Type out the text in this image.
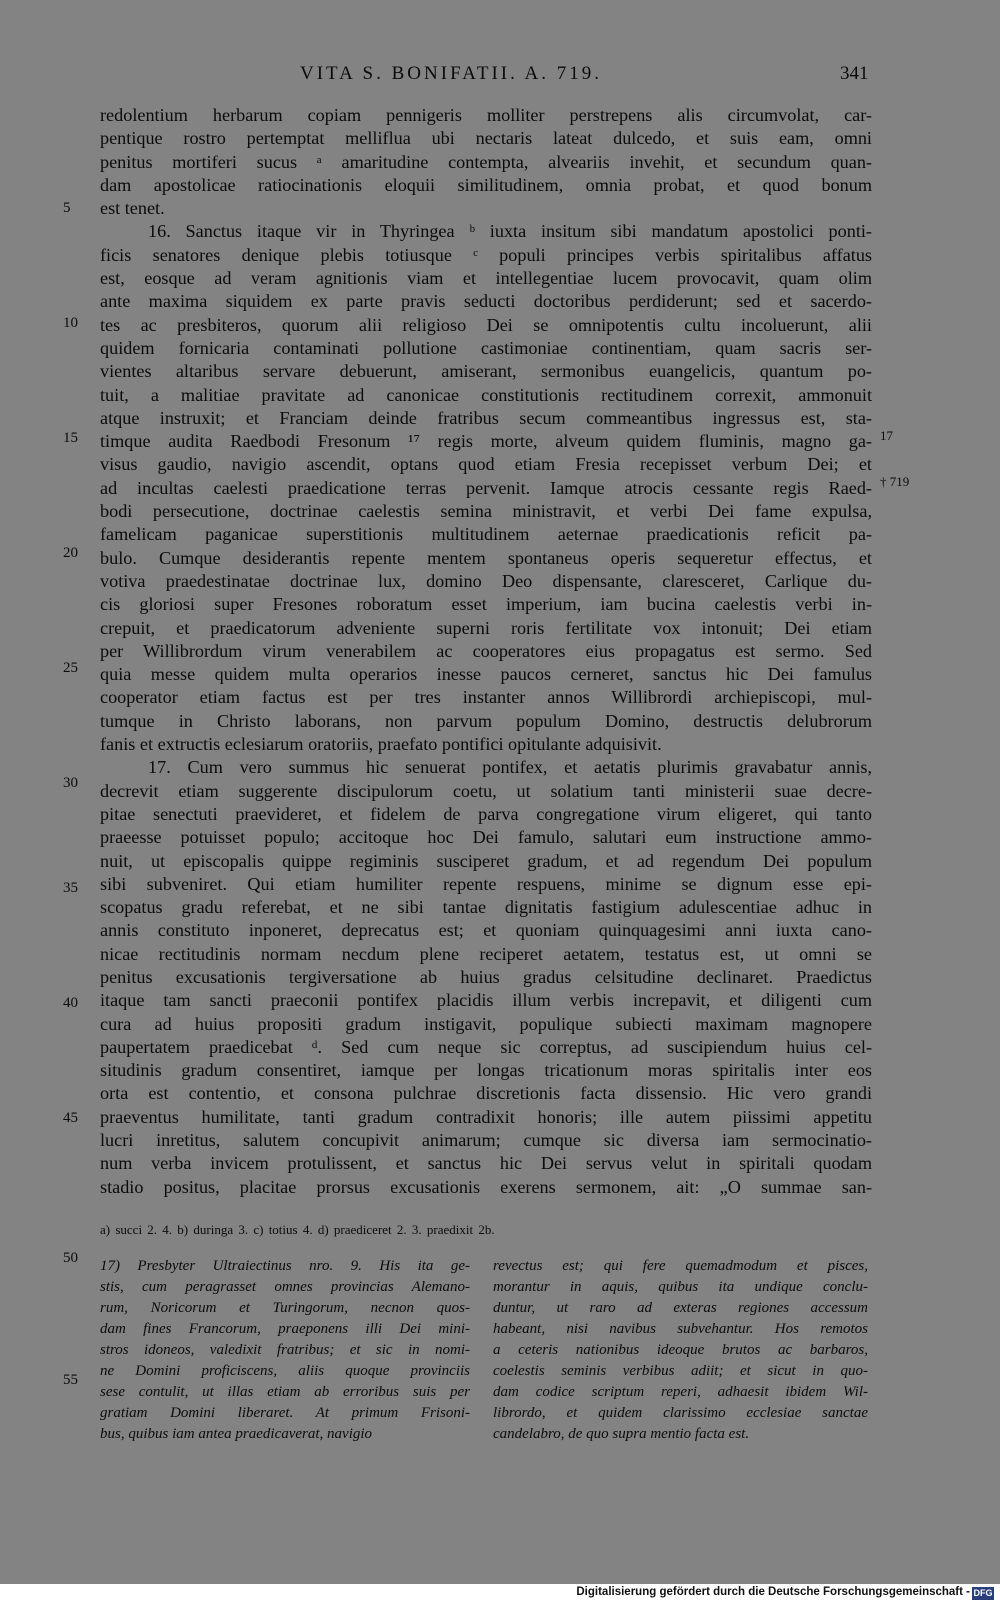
VITA S. BONIFATII. A. 719.	341
redolentium herbarum copiam pennigeris molliter perstrepens alis circumvolat, car-
pentique rostro pertemptat melliflua ubi nectaris lateat dulcedo, et suis eam, omni
penitus mortiferi sucus ᵃ amaritudine contempta, alveariis invehit, et secundum quan-
dam apostolicae ratiocinationis eloquii similitudinem, omnia probat, et quod bonum
est tenet.
16. Sanctus itaque vir in Thyringea ᵇ iuxta insitum sibi mandatum apostolici ponti-
ficis senatores denique plebis totiusque ᶜ populi principes verbis spiritalibus affatus
est, eosque ad veram agnitionis viam et intellegentiae lucem provocavit, quam olim
ante maxima siquidem ex parte pravis seducti doctoribus perdiderunt; sed et sacerdo-
tes ac presbiteros, quorum alii religioso Dei se omnipotentis cultu incoluerunt, alii
quidem fornicaria contaminati pollutione castimoniae continentiam, quam sacris ser-
vientes altaribus servare debuerunt, amiserant, sermonibus euangelicis, quantum po-
tuit, a malitiae pravitate ad canonicae constitutionis rectitudinem correxit, ammonuit
atque instruxit; et Franciam deinde fratribus secum commeantibus ingressus est, sta-
timque audita Raedbodi Fresonum ¹⁷ regis morte, alveum quidem fluminis, magno ga-
visus gaudio, navigio ascendit, optans quod etiam Fresia recepisset verbum Dei; et
ad incultas caelesti praedicatione terras pervenit. Iamque atrocis cessante regis Raed-
bodi persecutione, doctrinae caelestis semina ministravit, et verbi Dei fame expulsa,
famelicam paganicae superstitionis multitudinem aeternae praedicationis reficit pa-
bulo. Cumque desiderantis repente mentem spontaneus operis sequeretur effectus, et
votiva praedestinatae doctrinae lux, domino Deo dispensante, claresceret, Carlique du-
cis gloriosi super Fresones roboratum esset imperium, iam bucina caelestis verbi in-
crepuit, et praedicatorum adveniente superni roris fertilitate vox intonuit; Dei etiam
per Willibrordum virum venerabilem ac cooperatores eius propagatus est sermo. Sed
quia messe quidem multa operarios inesse paucos cerneret, sanctus hic Dei famulus
cooperator etiam factus est per tres instanter annos Willibrordi archiepiscopi, mul-
tumque in Christo laborans, non parvum populum Domino, destructis delubrorum
fanis et extructis eclesiarum oratoriis, praefato pontifici opitulante adquisivit.
17. Cum vero summus hic senuerat pontifex, et aetatis plurimis gravabatur annis,
decrevit etiam suggerente discipulorum coetu, ut solatium tanti ministerii suae decre-
pitae senectuti praevideret, et fidelem de parva congregatione virum eligeret, qui tanto
praeesse potuisset populo; accitoque hoc Dei famulo, salutari eum instructione ammo-
nuit, ut episcopalis quippe regiminis susciperet gradum, et ad regendum Dei populum
sibi subveniret. Qui etiam humiliter repente respuens, minime se dignum esse epi-
scopatus gradu referebat, et ne sibi tantae dignitatis fastigium adulescentiae adhuc in
annis constituto inponeret, deprecatus est; et quoniam quinquagesimi anni iuxta cano-
nicae rectitudinis normam necdum plene reciperet aetatem, testatus est, ut omni se
penitus excusationis tergiversatione ab huius gradus celsitudine declinaret. Praedictus
itaque tam sancti praeconii pontifex placidis illum verbis increpavit, et diligenti cum
cura ad huius propositi gradum instigavit, populique subiecti maximam magnopere
paupertatem praedicebat ᵈ. Sed cum neque sic correptus, ad suscipiendum huius cel-
situdinis gradum consentiret, iamque per longas tricationum moras spiritalis inter eos
orta est contentio, et consona pulchrae discretionis facta dissensio. Hic vero grandi
praeventus humilitate, tanti gradum contradixit honoris; ille autem piissimi appetitu
lucri inretitus, salutem concupivit animarum; cumque sic diversa iam sermocinatio-
num verba invicem protulissent, et sanctus hic Dei servus velut in spiritali quodam
stadio positus, placitae prorsus excusationis exerens sermonem, ait: „O summae san-
5
10
15
20
25
30
35
40
45
50
55
17
† 719
a) succi 2. 4. b) duringa 3. c) totius 4. d) praediceret 2. 3. praedixit 2b.
17) Presbyter Ultraiectinus nro. 9. His ita ge-
stis, cum peragrasset omnes provincias Alemano-
rum, Noricorum et Turingorum, necnon quos-
dam fines Francorum, praeponens illi Dei mini-
stros idoneos, valedixit fratribus; et sic in nomi-
ne Domini proficiscens, aliis quoque provinciis
sese contulit, ut illas etiam ab erroribus suis per
gratiam Domini liberaret. At primum Frisoni-
bus, quibus iam antea praedicaverat, navigio
revectus est; qui fere quemadmodum et pisces,
morantur in aquis, quibus ita undique conclu-
duntur, ut raro ad exteras regiones accessum
habeant, nisi navibus subvehantur. Hos remotos
a ceteris nationibus ideoque brutos ac barbaros,
coelestis seminis verbibus adiit; et sicut in quo-
dam codice scriptum reperi, adhaesit ibidem Wil-
librordo, et quidem clarissimo ecclesiae sanctae
candelabro, de quo supra mentio facta est.
Digitalisierung gefördert durch die Deutsche Forschungsgemeinschaft - DFG
